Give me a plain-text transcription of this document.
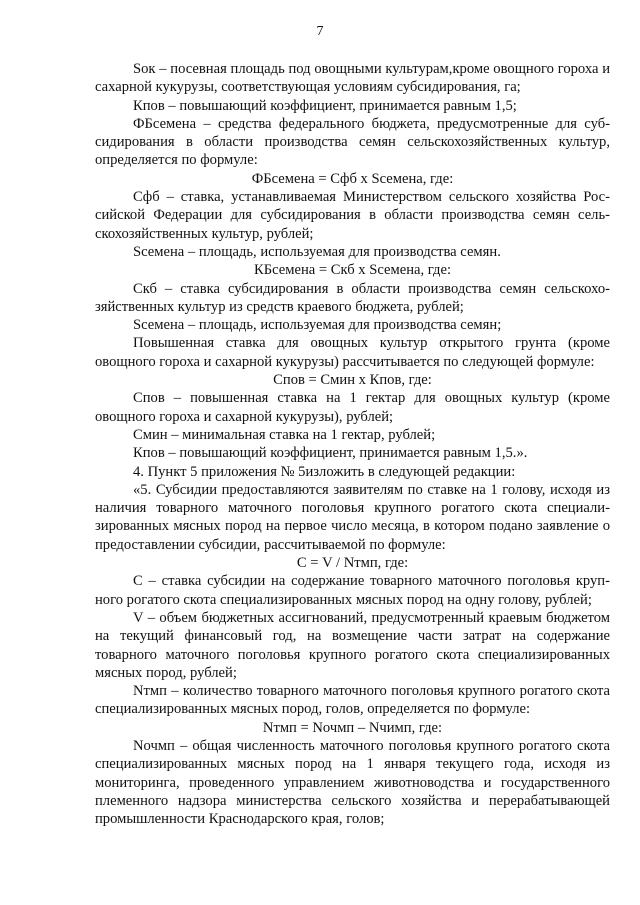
7

Sок – посевная площадь под овощными культурам,кроме овощного гороха и сахарной кукурузы, соответствующая условиям субсидирования, га;

Кпов – повышающий коэффициент, принимается равным 1,5;

ФБсемена – средства федерального бюджета, предусмотренные для субсидирования в области производства семян сельскохозяйственных культур, определяется по формуле:

ФБсемена = Сфб х Sсемена, где:

Сфб – ставка, устанавливаемая Министерством сельского хозяйства Российской Федерации для субсидирования в области производства семян сельскохозяйственных культур, рублей;

Sсемена – площадь, используемая для производства семян.

КБсемена = Скб х Sсемена, где:

Скб – ставка субсидирования в области производства семян сельскохозяйственных культур из средств краевого бюджета, рублей;

Sсемена – площадь, используемая для производства семян;

Повышенная ставка для овощных культур открытого грунта (кроме овощного гороха и сахарной кукурузы) рассчитывается по следующей формуле:

Спов = Смин х Кпов, где:

Спов – повышенная ставка на 1 гектар для овощных культур (кроме овощного гороха и сахарной кукурузы), рублей;

Смин – минимальная ставка на 1 гектар, рублей;

Кпов – повышающий коэффициент, принимается равным 1,5.».

4. Пункт 5 приложения № 5изложить в следующей редакции:

«5. Субсидии предоставляются заявителям по ставке на 1 голову, исходя из наличия товарного маточного поголовья крупного рогатого скота специализированных мясных пород на первое число месяца, в котором подано заявление о предоставлении субсидии, рассчитываемой по формуле:

С = V / Nтмп, где:

С – ставка субсидии на содержание товарного маточного поголовья крупного рогатого скота специализированных мясных пород на одну голову, рублей;

V – объем бюджетных ассигнований, предусмотренный краевым бюджетом на текущий финансовый год, на возмещение части затрат на содержание товарного маточного поголовья крупного рогатого скота специализированных мясных пород, рублей;

Nтмп – количество товарного маточного поголовья крупного рогатого скота специализированных мясных пород, голов, определяется по формуле:

Nтмп = Nочмп – Nчимп, где:

Nочмп – общая численность маточного поголовья крупного рогатого скота специализированных мясных пород на 1 января текущего года, исходя из мониторинга, проведенного управлением животноводства и государственного племенного надзора министерства сельского хозяйства и перерабатывающей промышленности Краснодарского края, голов;
